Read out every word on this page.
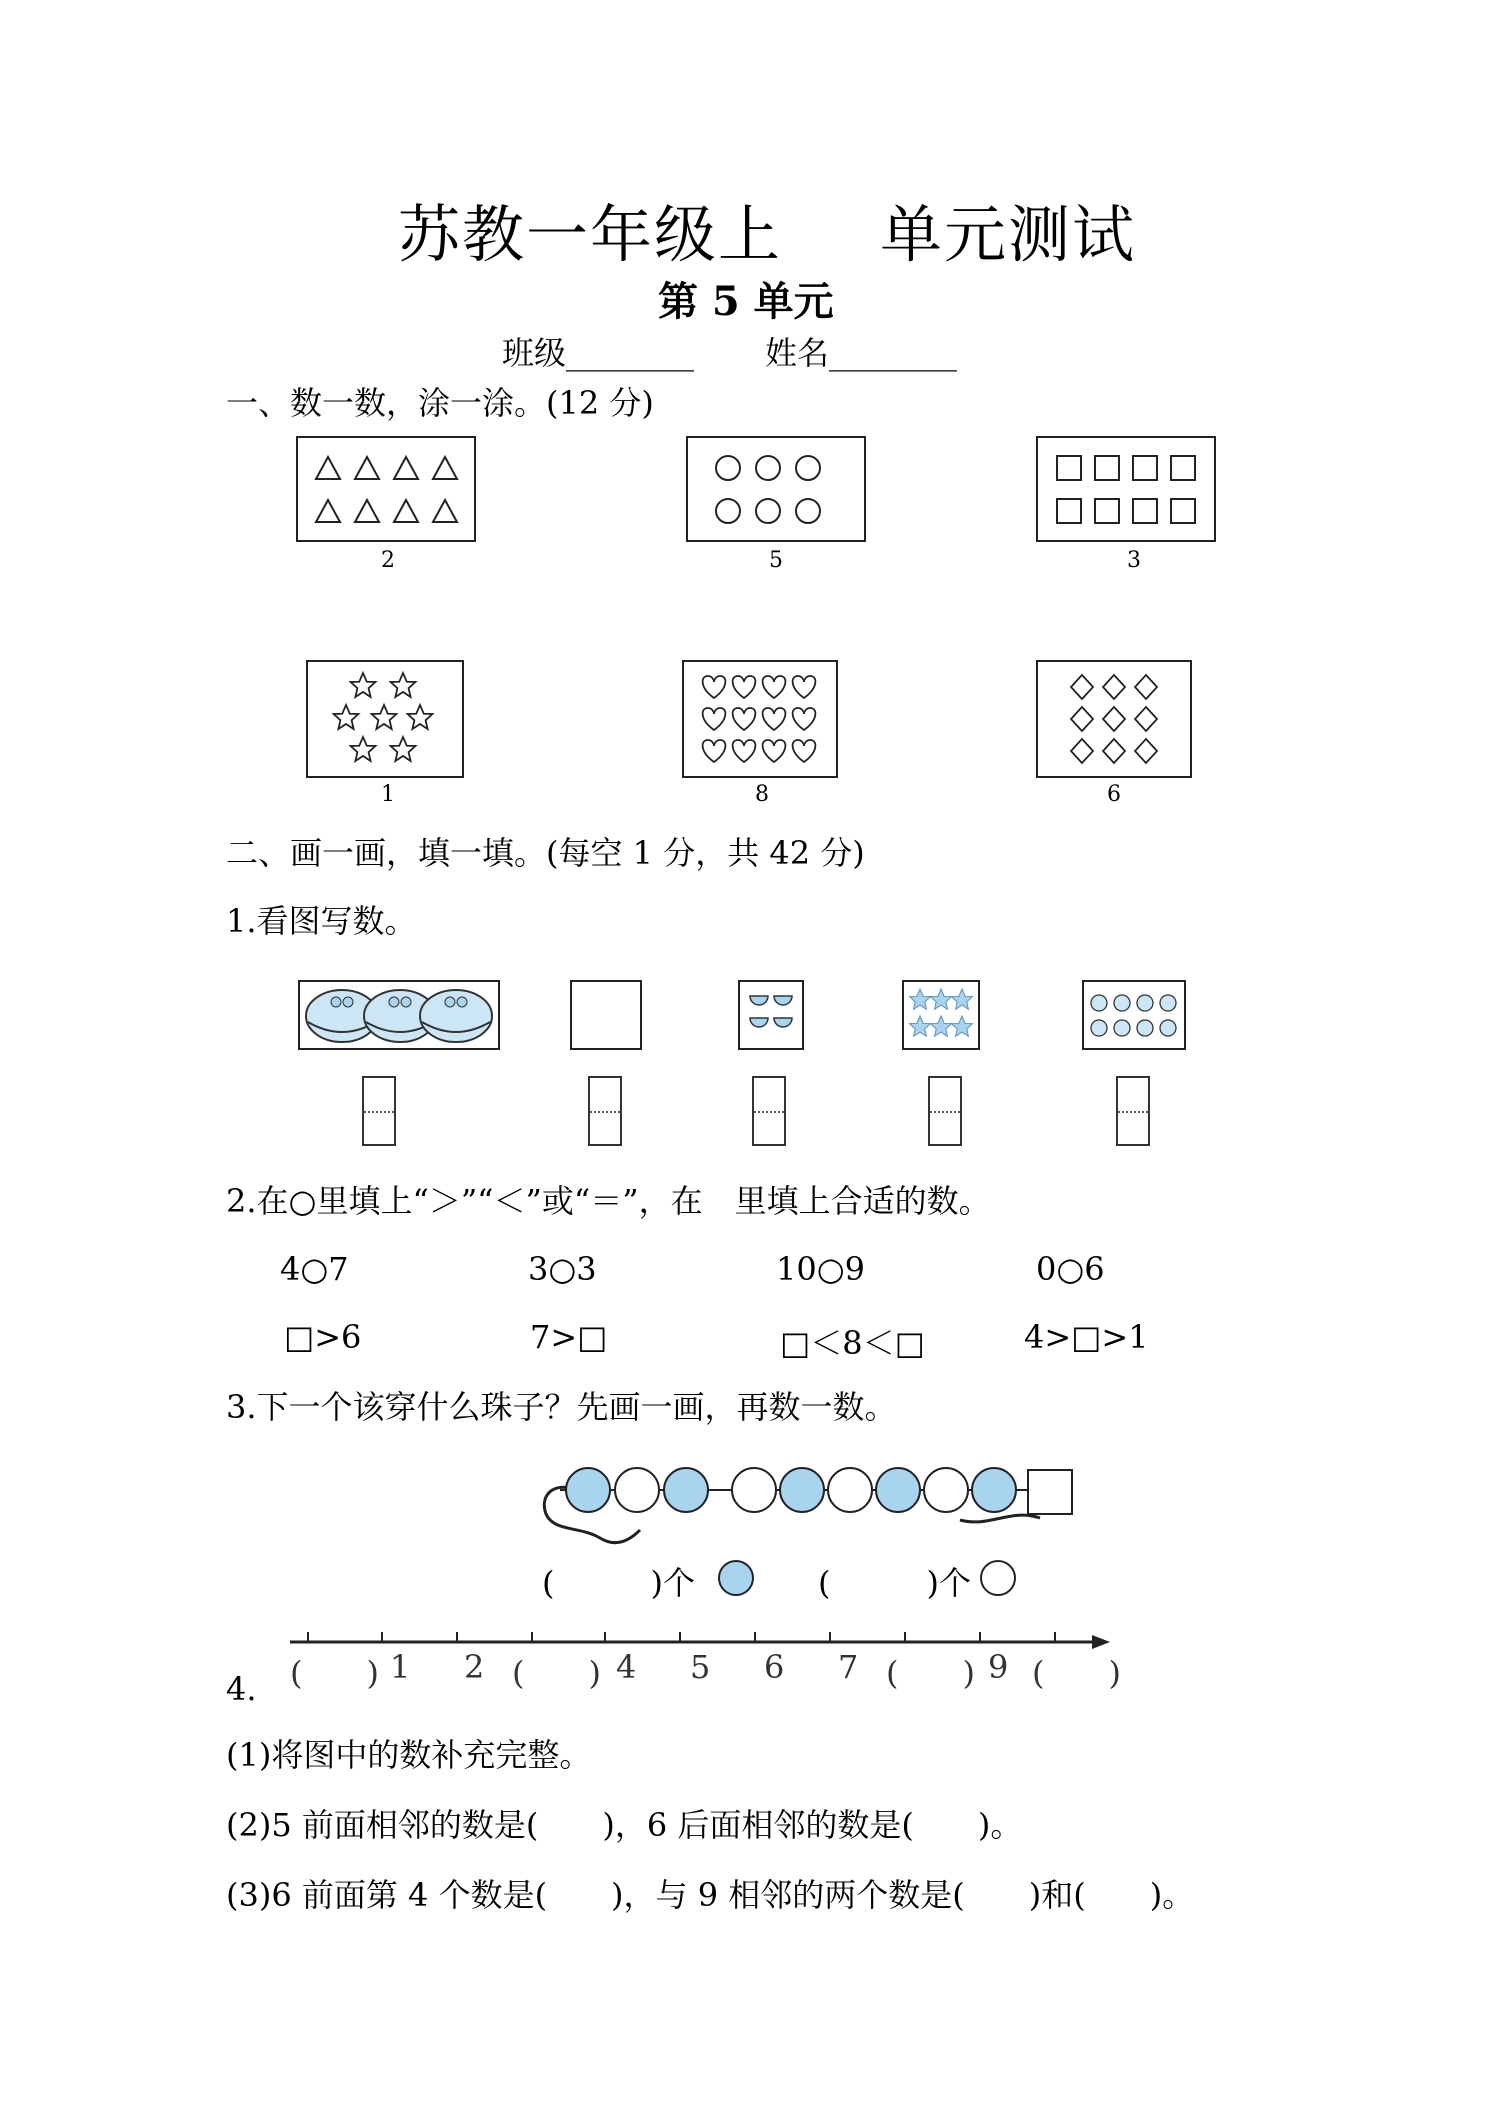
苏教一年级上 单元测试
第 5 单元
班级________ 姓名________
一、数一数，涂一涂。(12 分)
2	5	3
1	8	6
二、画一画，填一填。(每空 1 分，共 42 分)
1.看图写数。
2.在○里填上“＞”“＜”或“＝”，在　里填上合适的数。
4○7	3○3	10○9	0○6
□>6	7>□	□＜8＜□	4>□>1
3.下一个该穿什么珠子？先画一画，再数一数。
(　　　)个	(　　　)个
4. (　　) 1 2 (　　) 4 5 6 7 (　　) 9 (　　)
(1)将图中的数补充完整。
(2)5 前面相邻的数是(　　)，6 后面相邻的数是(　　)。
(3)6 前面第 4 个数是(　　)，与 9 相邻的两个数是(　　)和(　　)。
